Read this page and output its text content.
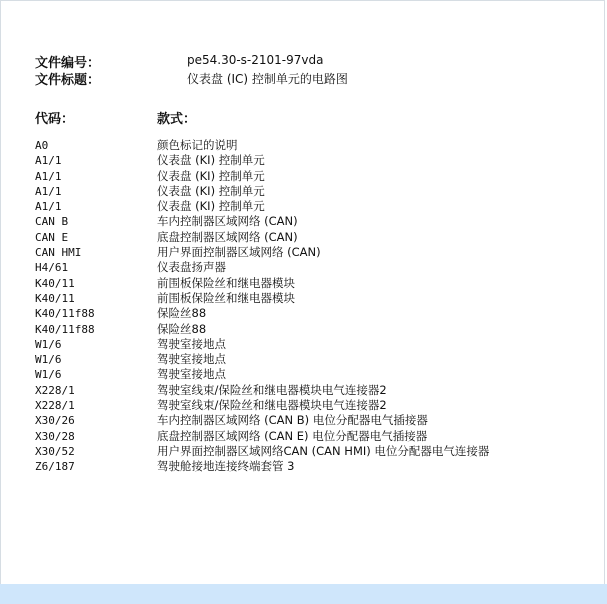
文件编号：	pe54.30-s-2101-97vda
文件标题：	仪表盘 (IC) 控制单元的电路图
代码：	款式：
A0	颜色标记的说明
A1/1	仪表盘 (KI) 控制单元
A1/1	仪表盘 (KI) 控制单元
A1/1	仪表盘 (KI) 控制单元
A1/1	仪表盘 (KI) 控制单元
CAN B	车内控制器区域网络 (CAN)
CAN E	底盘控制器区域网络 (CAN)
CAN HMI	用户界面控制器区域网络 (CAN)
H4/61	仪表盘扬声器
K40/11	前围板保险丝和继电器模块
K40/11	前围板保险丝和继电器模块
K40/11f88	保险丝88
K40/11f88	保险丝88
W1/6	驾驶室接地点
W1/6	驾驶室接地点
W1/6	驾驶室接地点
X228/1	驾驶室线束/保险丝和继电器模块电气连接器2
X228/1	驾驶室线束/保险丝和继电器模块电气连接器2
X30/26	车内控制器区域网络 (CAN B) 电位分配器电气插接器
X30/28	底盘控制器区域网络 (CAN E) 电位分配器电气插接器
X30/52	用户界面控制器区域网络CAN (CAN HMI) 电位分配器电气连接器
Z6/187	驾驶舱接地连接终端套管 3
